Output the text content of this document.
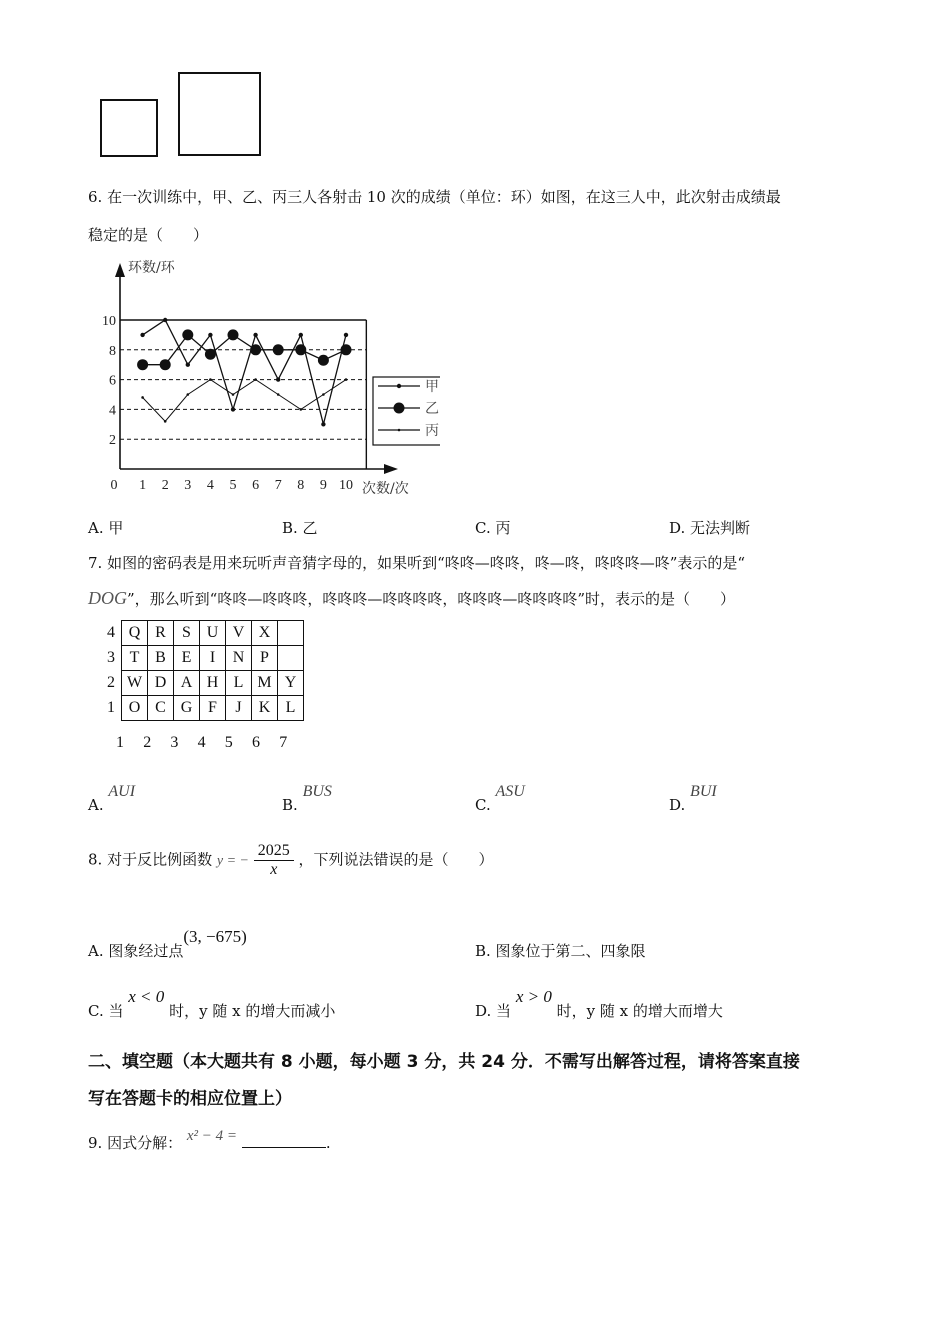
6. 在一次训练中，甲、乙、丙三人各射击 10 次的成绩（单位：环）如图，在这三人中，此次射击成绩最
稳定的是（　　）
环数/环
次数/次
2
4
6
8
10
0 1 2 3 4 5 6 7 8 9 10
甲
乙
丙
A. 甲	B. 乙	C. 丙	D. 无法判断
7. 如图的密码表是用来玩听声音猜字母的，如果听到“咚咚—咚咚，咚—咚，咚咚咚—咚”表示的是“
DOG”，那么听到“咚咚—咚咚咚，咚咚咚—咚咚咚咚，咚咚咚—咚咚咚咚”时，表示的是（　　）
4	Q	R	S	U	V	X	
3	T	B	E	I	N	P	
2	W	D	A	H	L	M	Y
1	O	C	G	F	J	K	L
1 2 3 4 5 6 7
A. AUI
B. BUS
C. ASU
D. BUI
8. 对于反比例函数 y = − $\frac{2025}{x}$ ，下列说法错误的是（　　）
A. 图象经过点(3, −675)
B. 图象位于第二、四象限
C. 当 x < 0 时，y 随 x 的增大而减小	D. 当 x > 0 时，y 随 x 的增大而增大
二、填空题（本大题共有 8 小题，每小题 3 分，共 24 分．不需写出解答过程，请将答案直接
写在答题卡的相应位置上）
9. 因式分解： x² − 4 =	.
